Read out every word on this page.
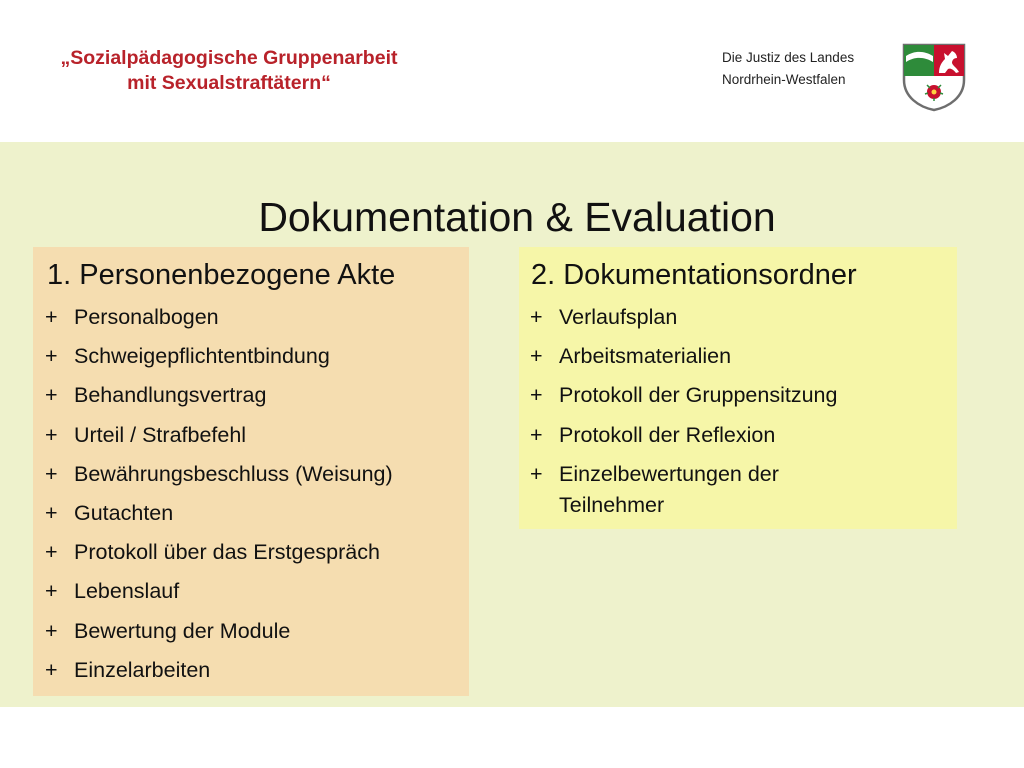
„Sozialpädagogische Gruppenarbeit
mit Sexualstraftätern“
Die Justiz des Landes
Nordrhein-Westfalen
Dokumentation & Evaluation
1. Personenbezogene Akte
+ Personalbogen
+ Schweigepflichtentbindung
+ Behandlungsvertrag
+ Urteil / Strafbefehl
+ Bewährungsbeschluss (Weisung)
+ Gutachten
+ Protokoll über das Erstgespräch
+ Lebenslauf
+ Bewertung der Module
+ Einzelarbeiten
2. Dokumentationsordner
+ Verlaufsplan
+ Arbeitsmaterialien
+ Protokoll der Gruppensitzung
+ Protokoll der Reflexion
+ Einzelbewertungen der Teilnehmer
